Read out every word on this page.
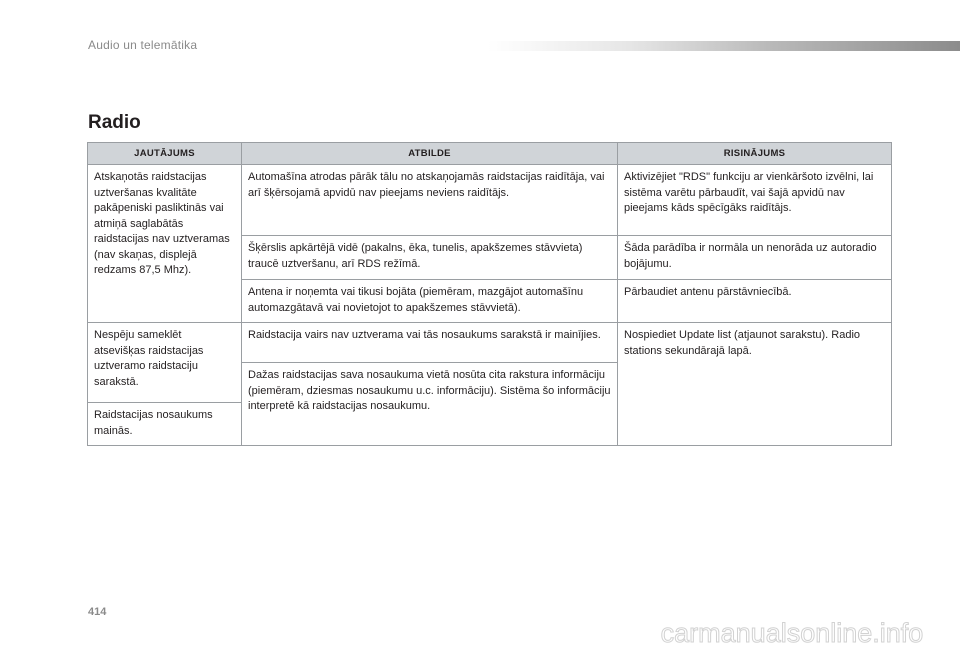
Audio un telemātika
Radio
JAUTĀJUMS	ATBILDE	RISINĀJUMS
Atskaņotās raidstacijas uztveršanas kvalitāte pakāpeniski pasliktinās vai atmiņā saglabātās raidstacijas nav uztveramas (nav skaņas, displejā redzams 87,5 Mhz).	Automašīna atrodas pārāk tālu no atskaņojamās raidstacijas raidītāja, vai arī šķērsojamā apvidū nav pieejams neviens raidītājs.	Aktivizējiet "RDS" funkciju ar vienkāršoto izvēlni, lai sistēma varētu pārbaudīt, vai šajā apvidū nav pieejams kāds spēcīgāks raidītājs.
	Šķērslis apkārtējā vidē (pakalns, ēka, tunelis, apakšzemes stāvvieta) traucē uztveršanu, arī RDS režīmā.	Šāda parādība ir normāla un nenorāda uz autoradio bojājumu.
	Antena ir noņemta vai tikusi bojāta (piemēram, mazgājot automašīnu automazgātavā vai novietojot to apakšzemes stāvvietā).	Pārbaudiet antenu pārstāvniecībā.
Nespēju sameklēt atsevišķas raidstacijas uztveramo raidstaciju sarakstā.	Raidstacija vairs nav uztverama vai tās nosaukums sarakstā ir mainījies.	Nospiediet Update list (atjaunot sarakstu). Radio stations sekundārajā lapā.
	Dažas raidstacijas sava nosaukuma vietā nosūta cita rakstura informāciju (piemēram, dziesmas nosaukumu u.c. informāciju). Sistēma šo informāciju interpretē kā raidstacijas nosaukumu.	
Raidstacijas nosaukums mainās.		
414
carmanualsonline.info
